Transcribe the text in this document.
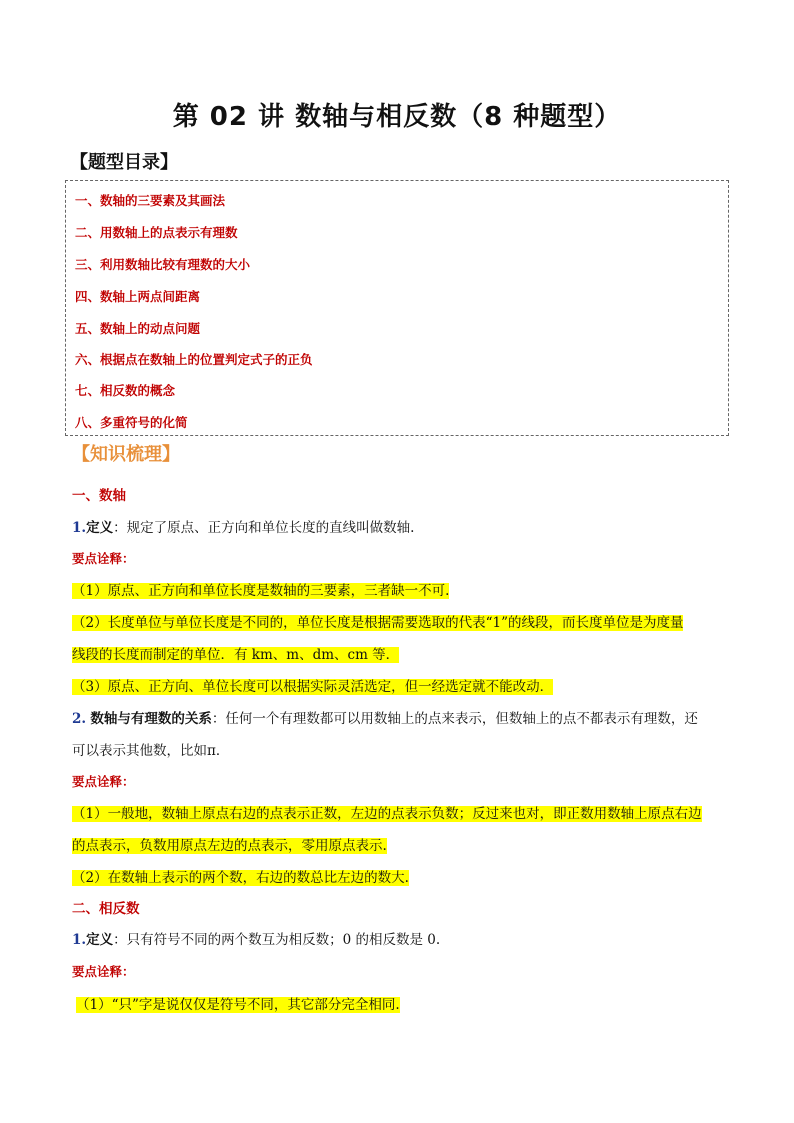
第 02 讲 数轴与相反数（8 种题型）
【题型目录】
一、数轴的三要素及其画法
二、用数轴上的点表示有理数
三、利用数轴比较有理数的大小
四、数轴上两点间距离
五、数轴上的动点问题
六、根据点在数轴上的位置判定式子的正负
七、相反数的概念
八、多重符号的化简
【知识梳理】
一、数轴
1.定义：规定了原点、正方向和单位长度的直线叫做数轴.
要点诠释：
（1）原点、正方向和单位长度是数轴的三要素，三者缺一不可.
（2）长度单位与单位长度是不同的，单位长度是根据需要选取的代表“1”的线段，而长度单位是为度量
线段的长度而制定的单位．有 km、m、dm、cm 等．
（3）原点、正方向、单位长度可以根据实际灵活选定，但一经选定就不能改动．
2. 数轴与有理数的关系：任何一个有理数都可以用数轴上的点来表示，但数轴上的点不都表示有理数，还
可以表示其他数，比如π．
要点诠释：
（1）一般地，数轴上原点右边的点表示正数，左边的点表示负数；反过来也对，即正数用数轴上原点右边
的点表示，负数用原点左边的点表示，零用原点表示.
（2）在数轴上表示的两个数，右边的数总比左边的数大.
二、相反数
1.定义：只有符号不同的两个数互为相反数；0 的相反数是 0.
要点诠释：
（1）“只”字是说仅仅是符号不同，其它部分完全相同.
